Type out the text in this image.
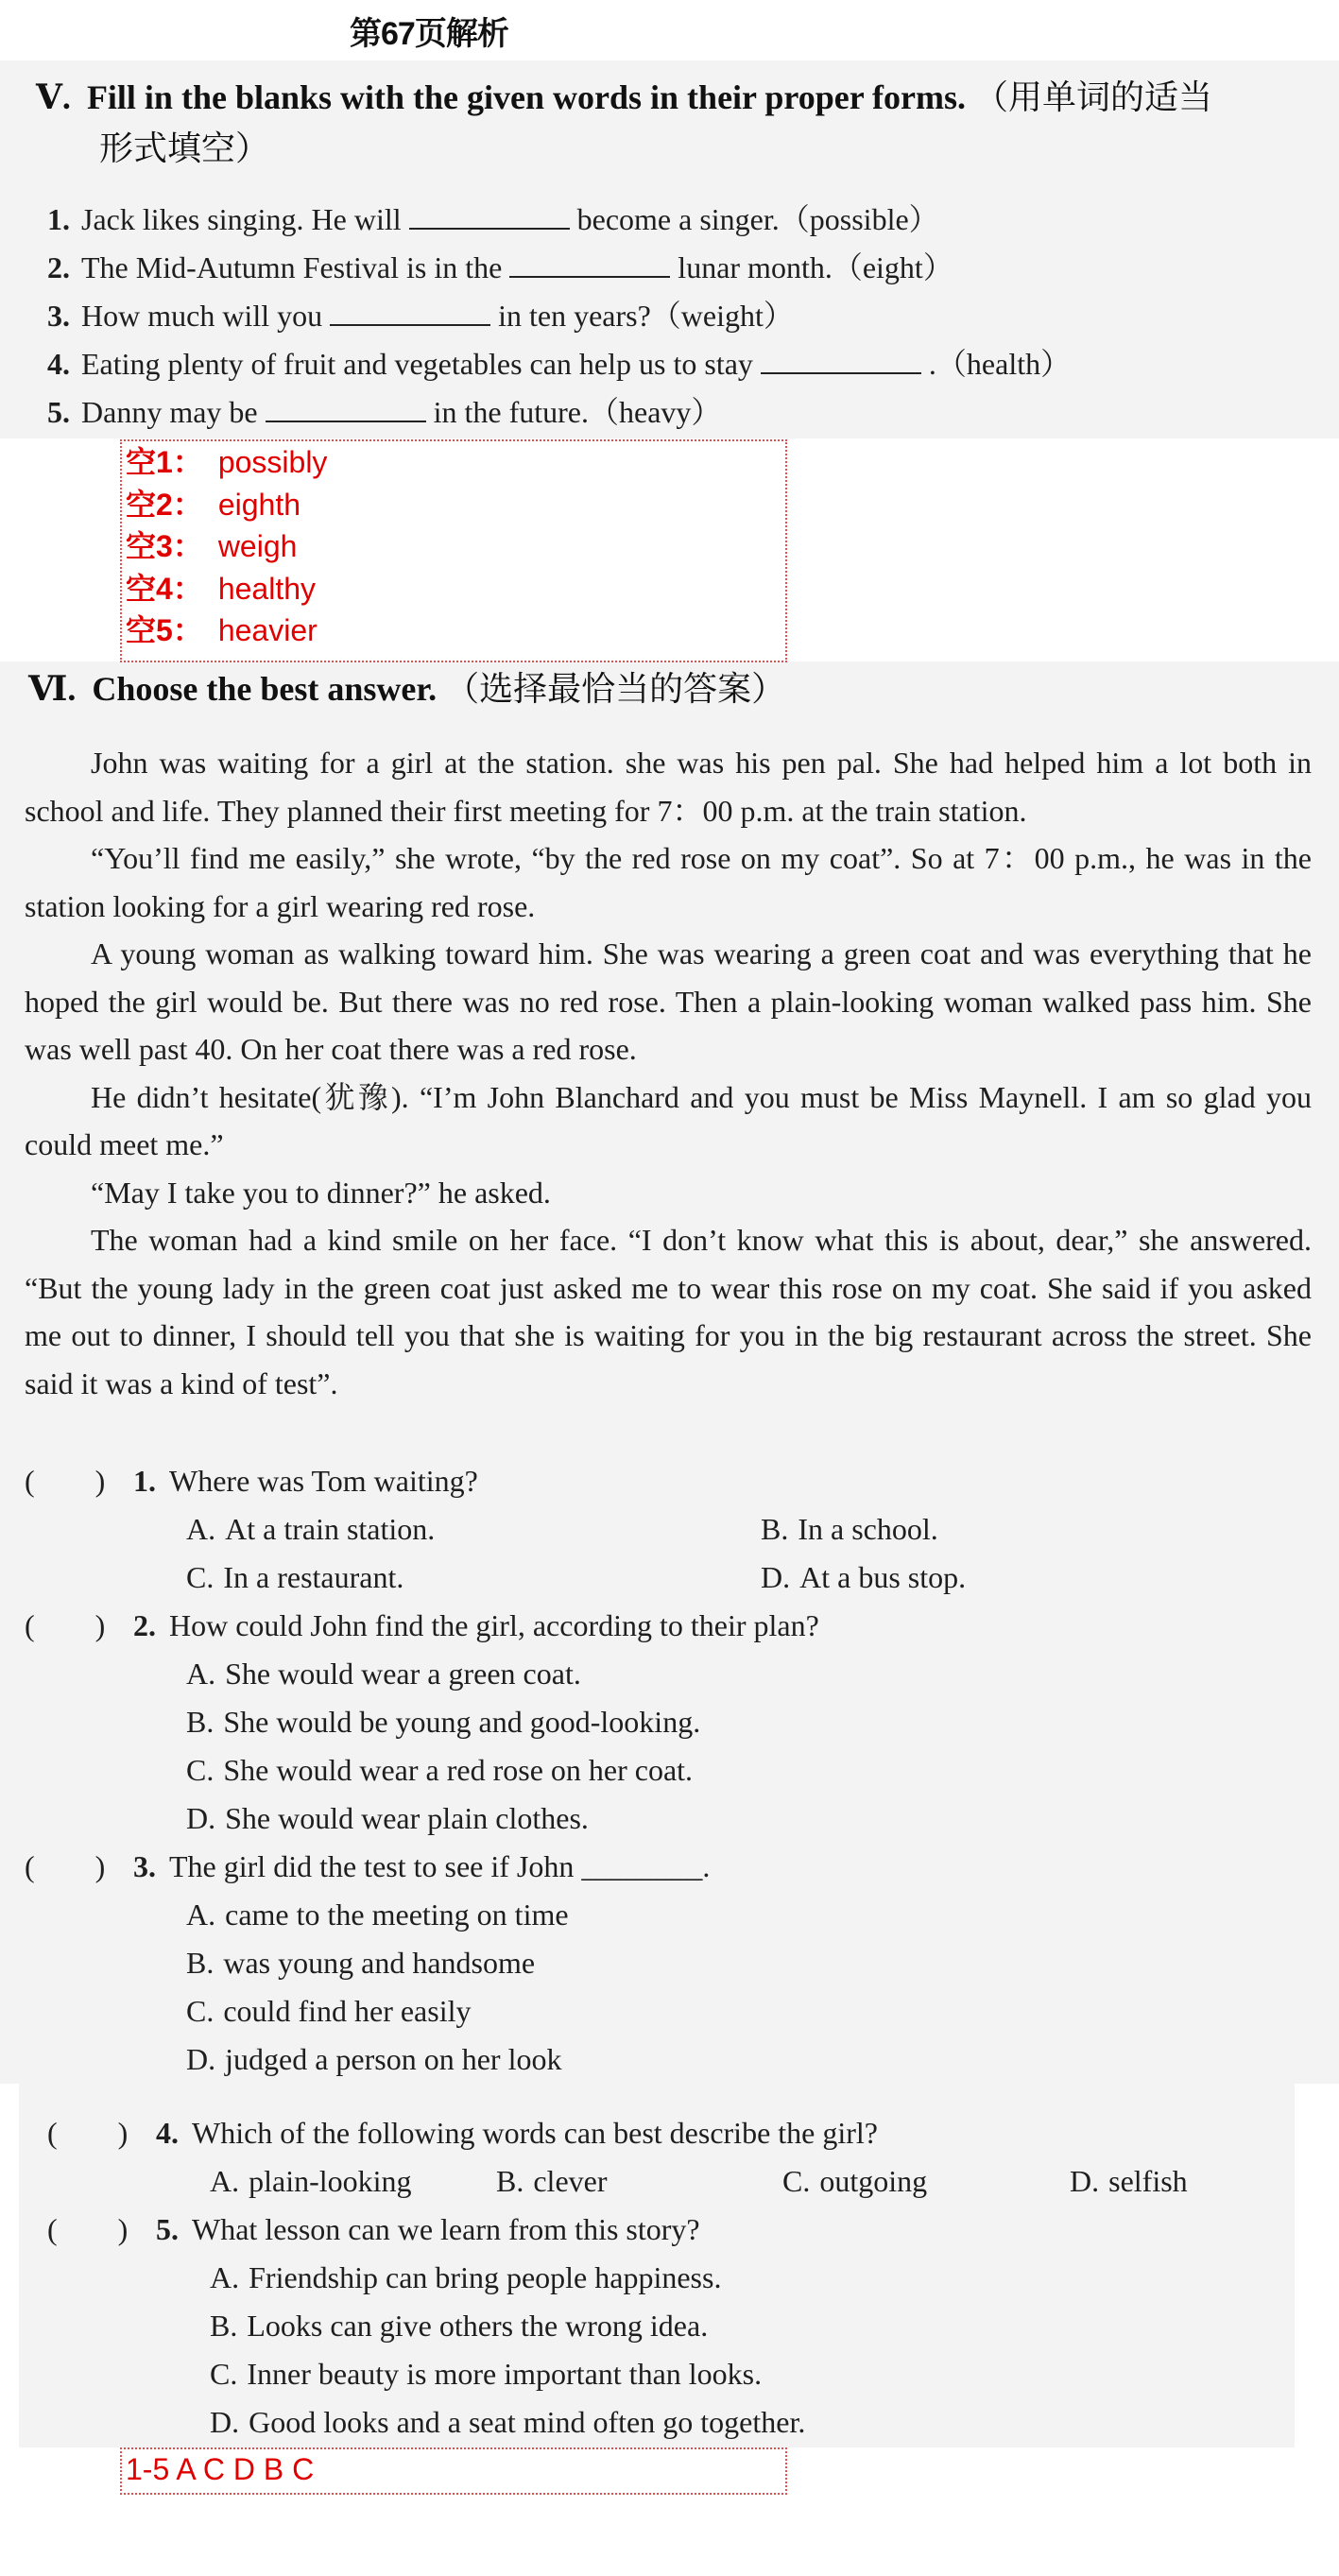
第67页解析
Ⅴ. Fill in the blanks with the given words in their proper forms. （用单词的适当
形式填空）
1. Jack likes singing. He will	become a singer.（possible）
2. The Mid-Autumn Festival is in the	lunar month.（eight）
3. How much will you	in ten years?（weight）
4. Eating plenty of fruit and vegetables can help us to stay	.（health）
5. Danny may be	in the future.（heavy）
空1： possibly
空2： eighth
空3： weigh
空4： healthy
空5： heavier
Ⅵ. Choose the best answer. （选择最恰当的答案）

John was waiting for a girl at the station. she was his pen pal. She had helped him a lot both in school and life. They planned their first meeting for 7：00 p.m. at the train station.

“You’ll find me easily,” she wrote, “by the red rose on my coat”. So at 7：00 p.m., he was in the station looking for a girl wearing red rose.

A young woman as walking toward him. She was wearing a green coat and was everything that he hoped the girl would be. But there was no red rose. Then a plain-looking woman walked pass him. She was well past 40. On her coat there was a red rose.

He didn’t hesitate(犹豫). “I’m John Blanchard and you must be Miss Maynell. I am so glad you could meet me.”

“May I take you to dinner?” he asked.

The woman had a kind smile on her face. “I don’t know what this is about, dear,” she answered. “But the young lady in the green coat just asked me to wear this rose on my coat. She said if you asked me out to dinner, I should tell you that she is waiting for you in the big restaurant across the street. She said it was a kind of test”.

(　　) 1. Where was Tom waiting?
A. At a train station.	B. In a school.
C. In a restaurant.	D. At a bus stop.
(　　) 2. How could John find the girl, according to their plan?
A. She would wear a green coat.
B. She would be young and good-looking.
C. She would wear a red rose on her coat.
D. She would wear plain clothes.
(　　) 3. The girl did the test to see if John ________.
A. came to the meeting on time
B. was young and handsome
C. could find her easily
D. judged a person on her look
(　　) 4. Which of the following words can best describe the girl?
A. plain-looking	B. clever	C. outgoing	D. selfish
(　　) 5. What lesson can we learn from this story?
A. Friendship can bring people happiness.
B. Looks can give others the wrong idea.
C. Inner beauty is more important than looks.
D. Good looks and a seat mind often go together.
1-5 A C D B C
